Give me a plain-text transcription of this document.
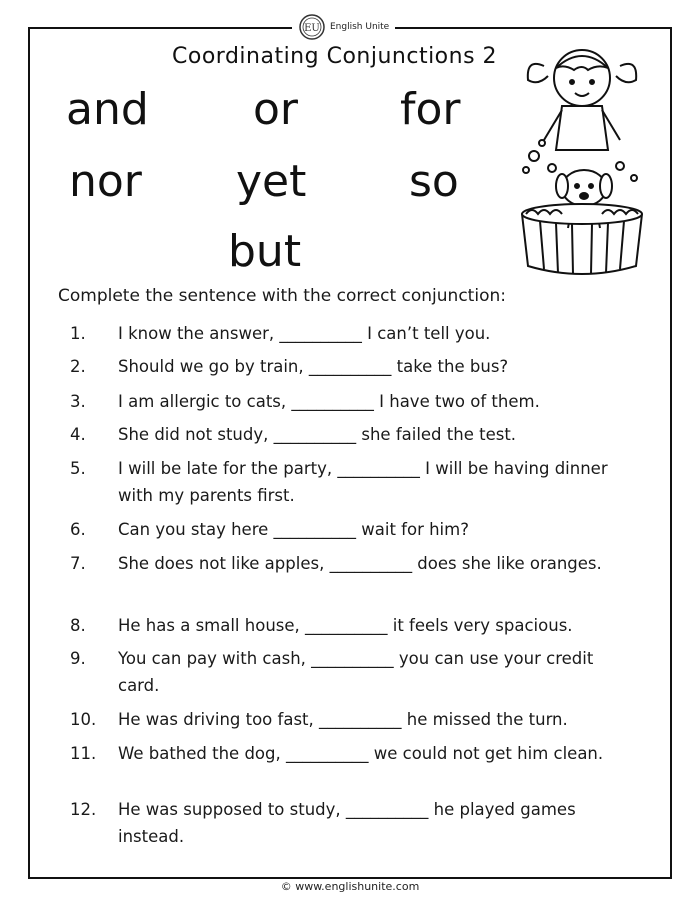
EU English Unite
Coordinating Conjunctions 2
and or for
nor yet so
but
Complete the sentence with the correct conjunction:
1.	I know the answer, __________ I can’t tell you.
2.	Should we go by train, __________ take the bus?
3.	I am allergic to cats, __________ I have two of them.
4.	She did not study, __________ she failed the test.
5.	I will be late for the party, __________ I will be having dinner with my parents first.
6.	Can you stay here __________ wait for him?
7.	She does not like apples, __________ does she like oranges.
8.	He has a small house, __________ it feels very spacious.
9.	You can pay with cash, __________ you can use your credit card.
10.	He was driving too fast, __________ he missed the turn.
11.	We bathed the dog, __________ we could not get him clean.
12.	He was supposed to study, __________ he played games instead.
© www.englishunite.com
